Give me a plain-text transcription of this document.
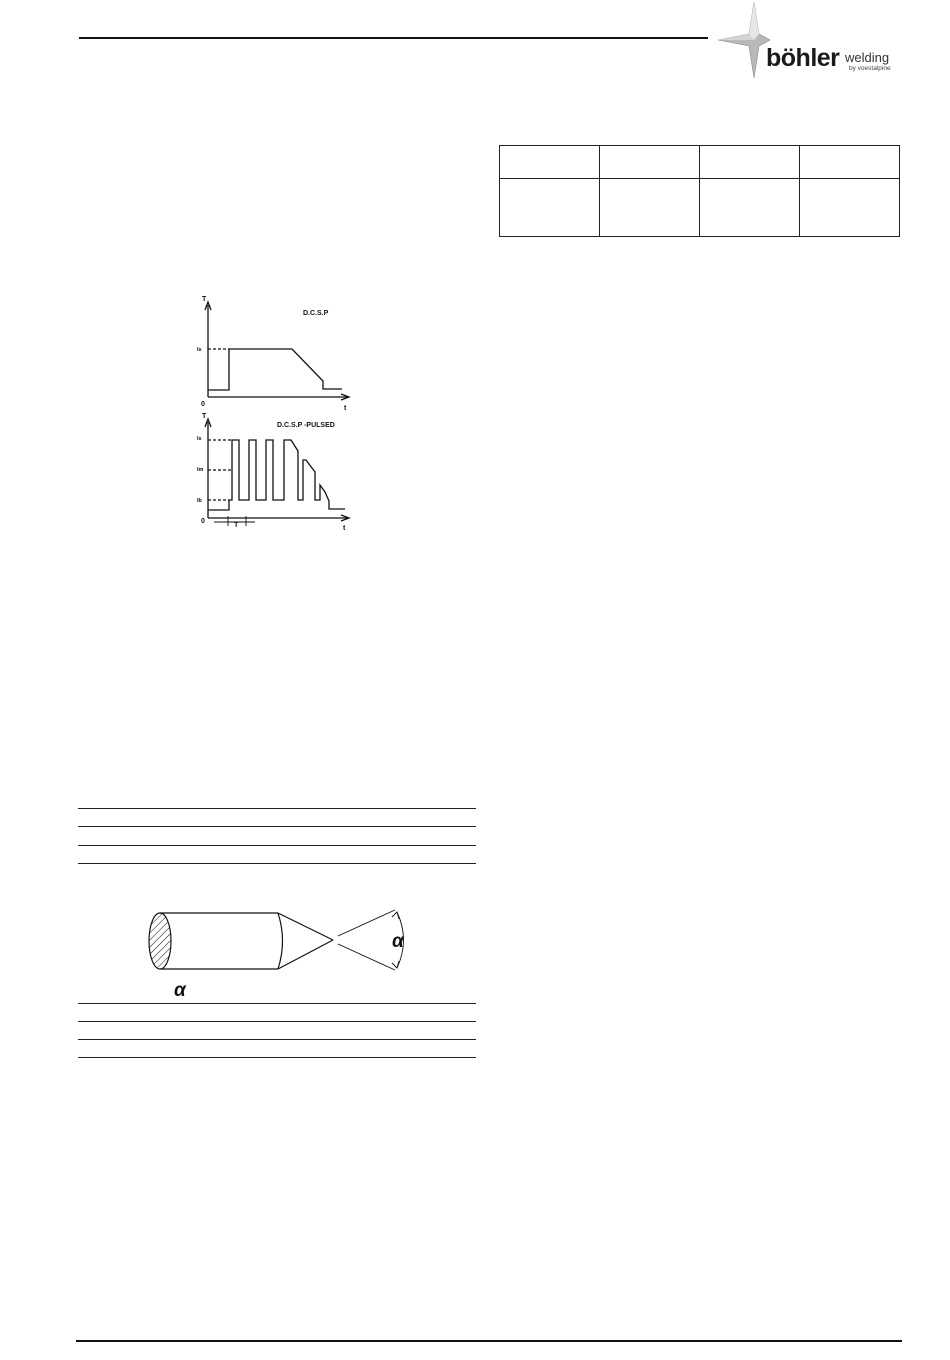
böhler welding
by voestalpine

T
D.C.S.P
Is
0
t
T
D.C.S.P -PULSED
Is
Im
Ib
0
T	t
α
α
